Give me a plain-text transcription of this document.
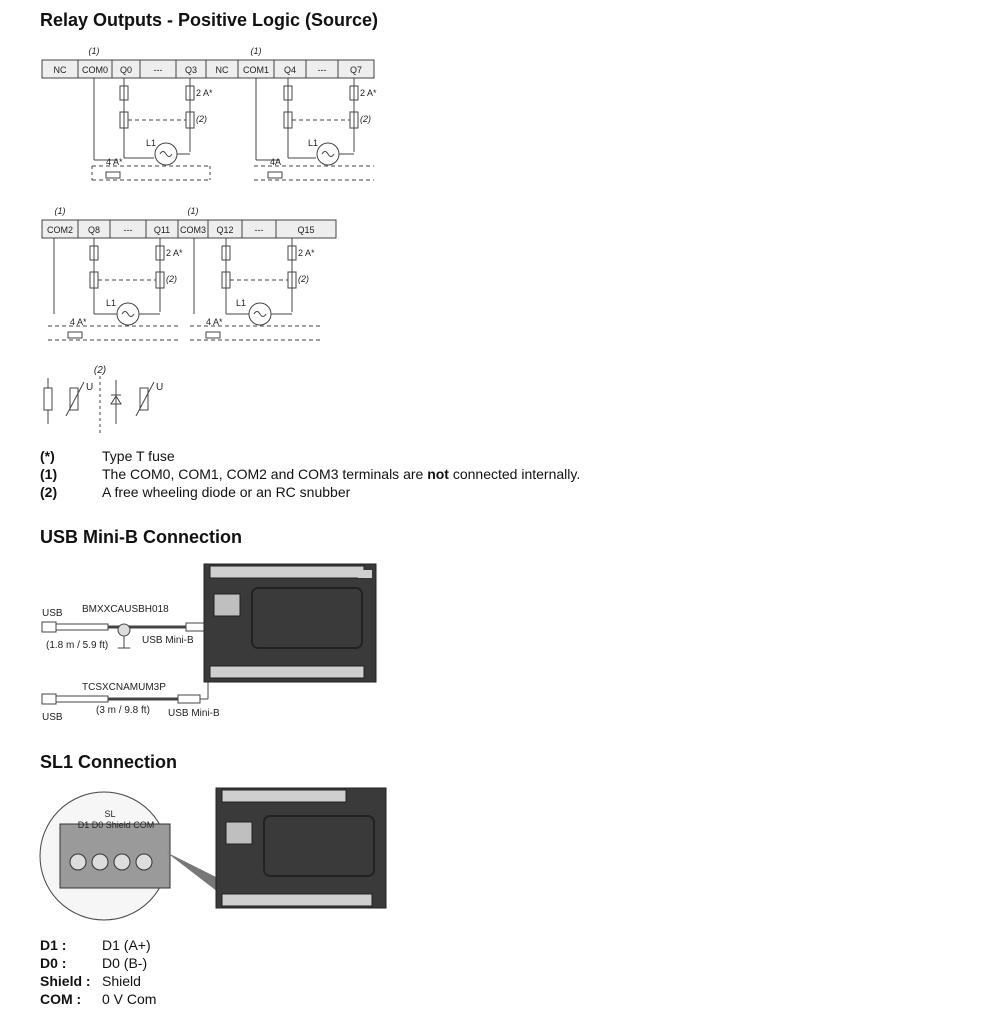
Relay Outputs - Positive Logic (Source)
NC COM0 Q0 --- Q3 NC COM1 Q4 ---	Q7
(1)	(1)
2 A*	2 A*
(2)	(2)
L1	L1
4 A*	4A
COM2 Q8	--- Q11 COM3 Q12 ---	Q15
(1)	(1)
2 A*	2 A*
(2)	(2)
L1	L1
4 A*	4 A*
(2)
U	U
(*)	Type T fuse
(1)	The COM0, COM1, COM2 and COM3 terminals are not connected internally.
(2)	A free wheeling diode or an RC snubber
USB Mini-B Connection
USB BMXXCAUSBH018
(1.8 m / 5.9 ft)	USB Mini-B
TCSXCNAMUM3P
USB
(3 m / 9.8 ft) USB Mini-B
SL1 Connection
SL
D1 D0 Shield COM
D1 :	D1 (A+)
D0 :	D0 (B-)
Shield : Shield
COM :	0 V Com
